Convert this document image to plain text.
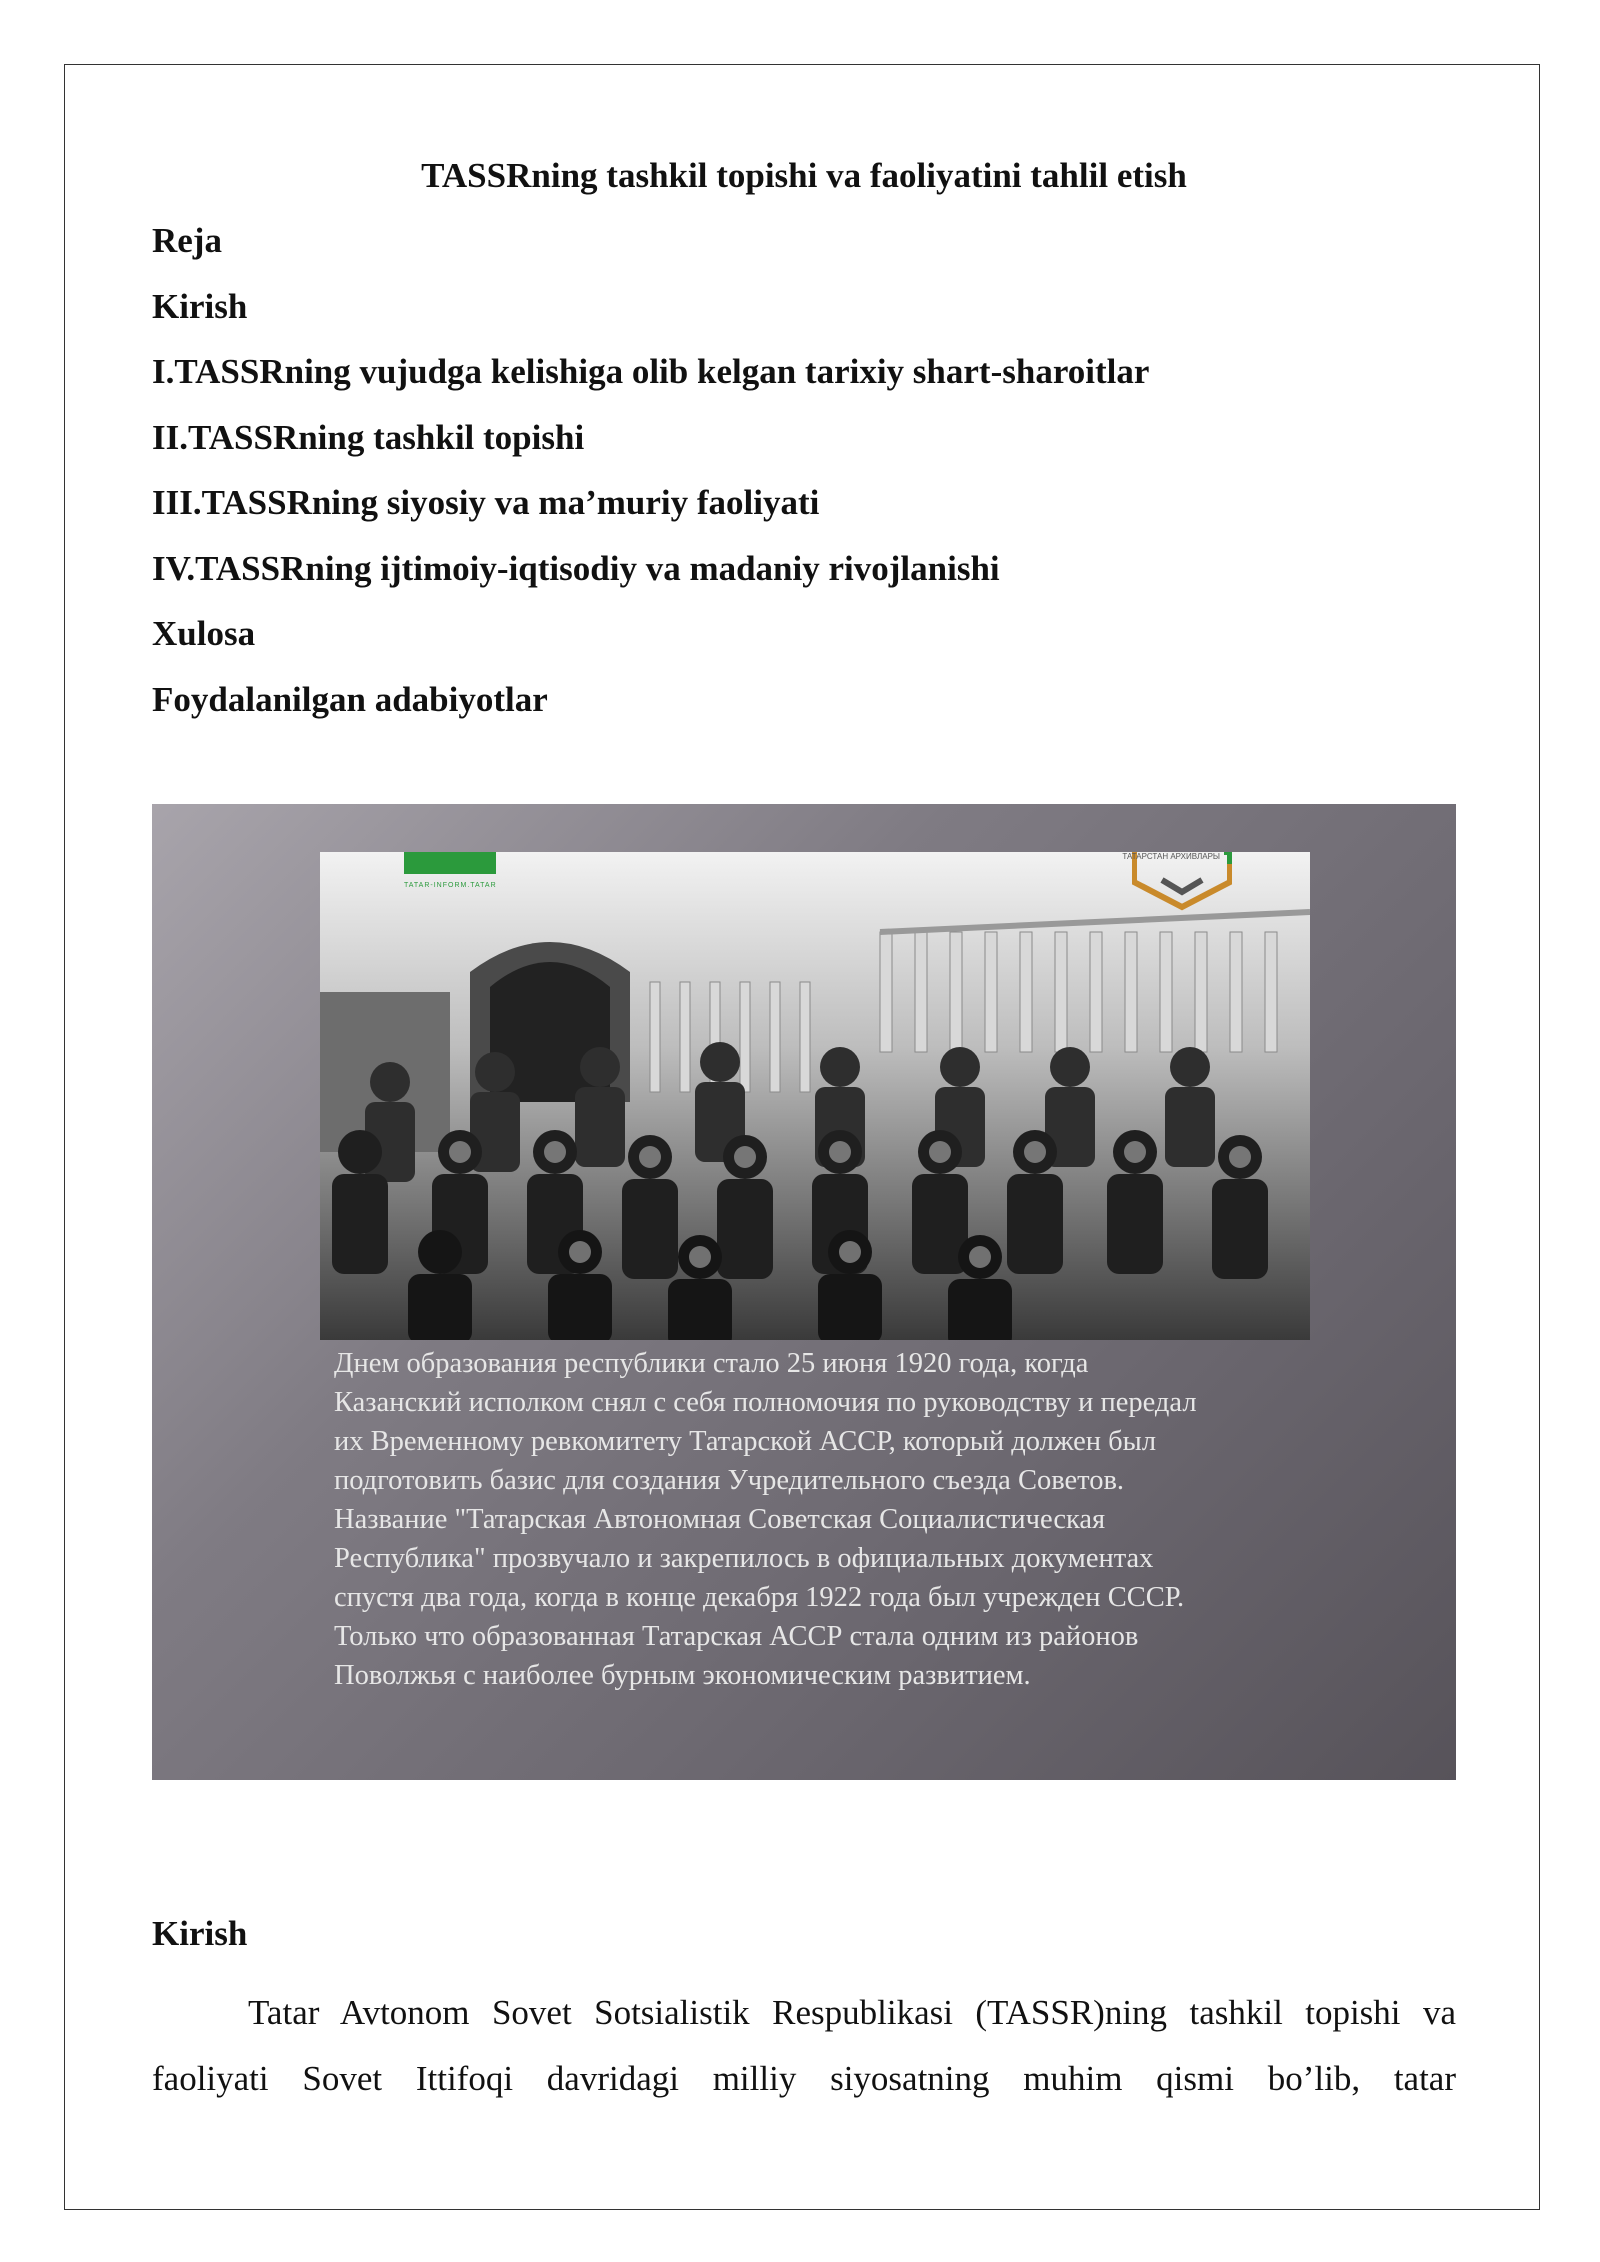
TASSRning tashkil topishi va faoliyatini tahlil etish

Reja
Kirish
I.TASSRning vujudga kelishiga olib kelgan tarixiy shart-sharoitlar
II.TASSRning tashkil topishi
III.TASSRning siyosiy va ma’muriy faoliyati
IV.TASSRning ijtimoiy-iqtisodiy va madaniy rivojlanishi
Xulosa
Foydalanilgan adabiyotlar
TATAR-INFORM.TATAR
ТАТАРСТАН АРХИВЛАРЫ
Днем образования республики стало 25 июня 1920 года, когда
Казанский исполком снял с себя полномочия по руководству и передал
их Временному ревкомитету Татарской АССР, который должен был
подготовить базис для создания Учредительного съезда Советов.
Название "Татарская Автономная Советская Социалистическая
Республика" прозвучало и закрепилось в официальных документах
спустя два года, когда в конце декабря 1922 года был учрежден СССР.
Только что образованная Татарская АССР стала одним из районов
Поволжья с наиболее бурным экономическим развитием.

Kirish

Tatar Avtonom Sovet Sotsialistik Respublikasi (TASSR)ning tashkil topishi va faoliyati Sovet Ittifoqi davridagi milliy siyosatning muhim qismi bo’lib, tatar
